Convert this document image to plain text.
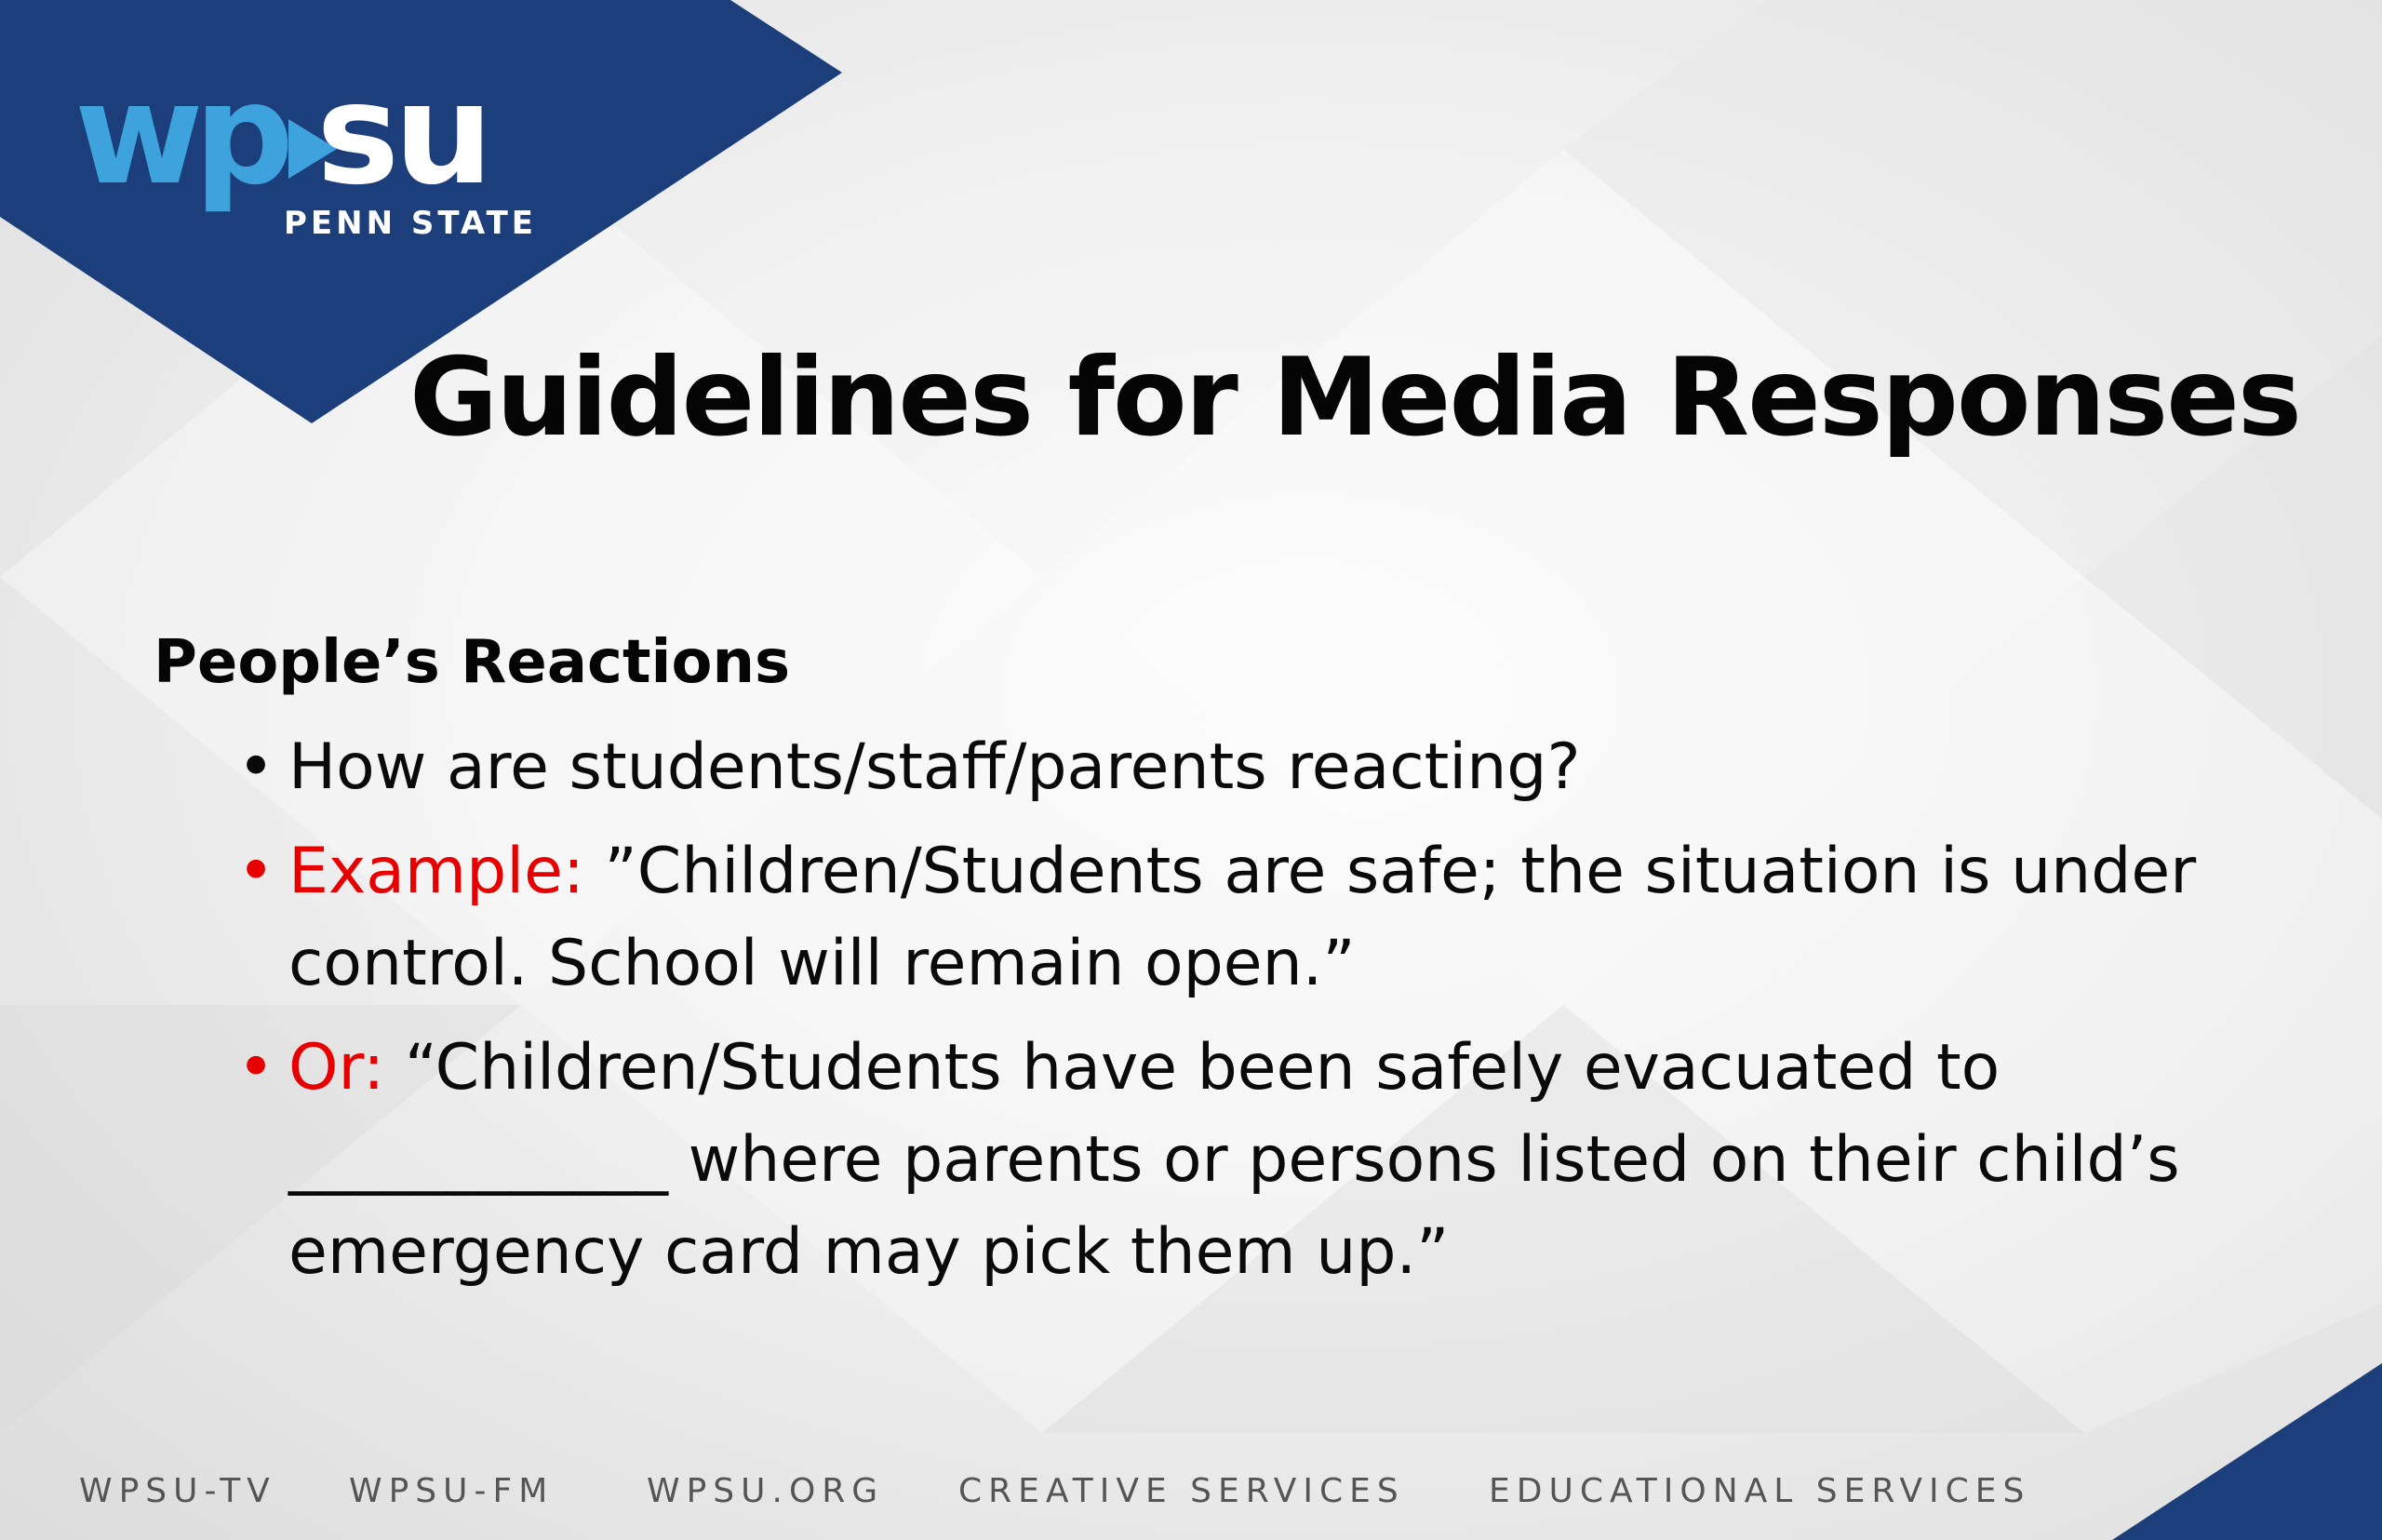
wp su
PENN STATE
Guidelines for Media Responses
People’s Reactions
• How are students/staff/parents reacting?
• Example: ”Children/Students are safe; the situation is under control. School will remain open.”
• Or: “Children/Students have been safely evacuated to ____________ where parents or persons listed on their child’s emergency card may pick them up.”
WPSU-TV WPSU-FM	WPSU.ORG CREATIVE SERVICES	EDUCATIONAL SERVICES
